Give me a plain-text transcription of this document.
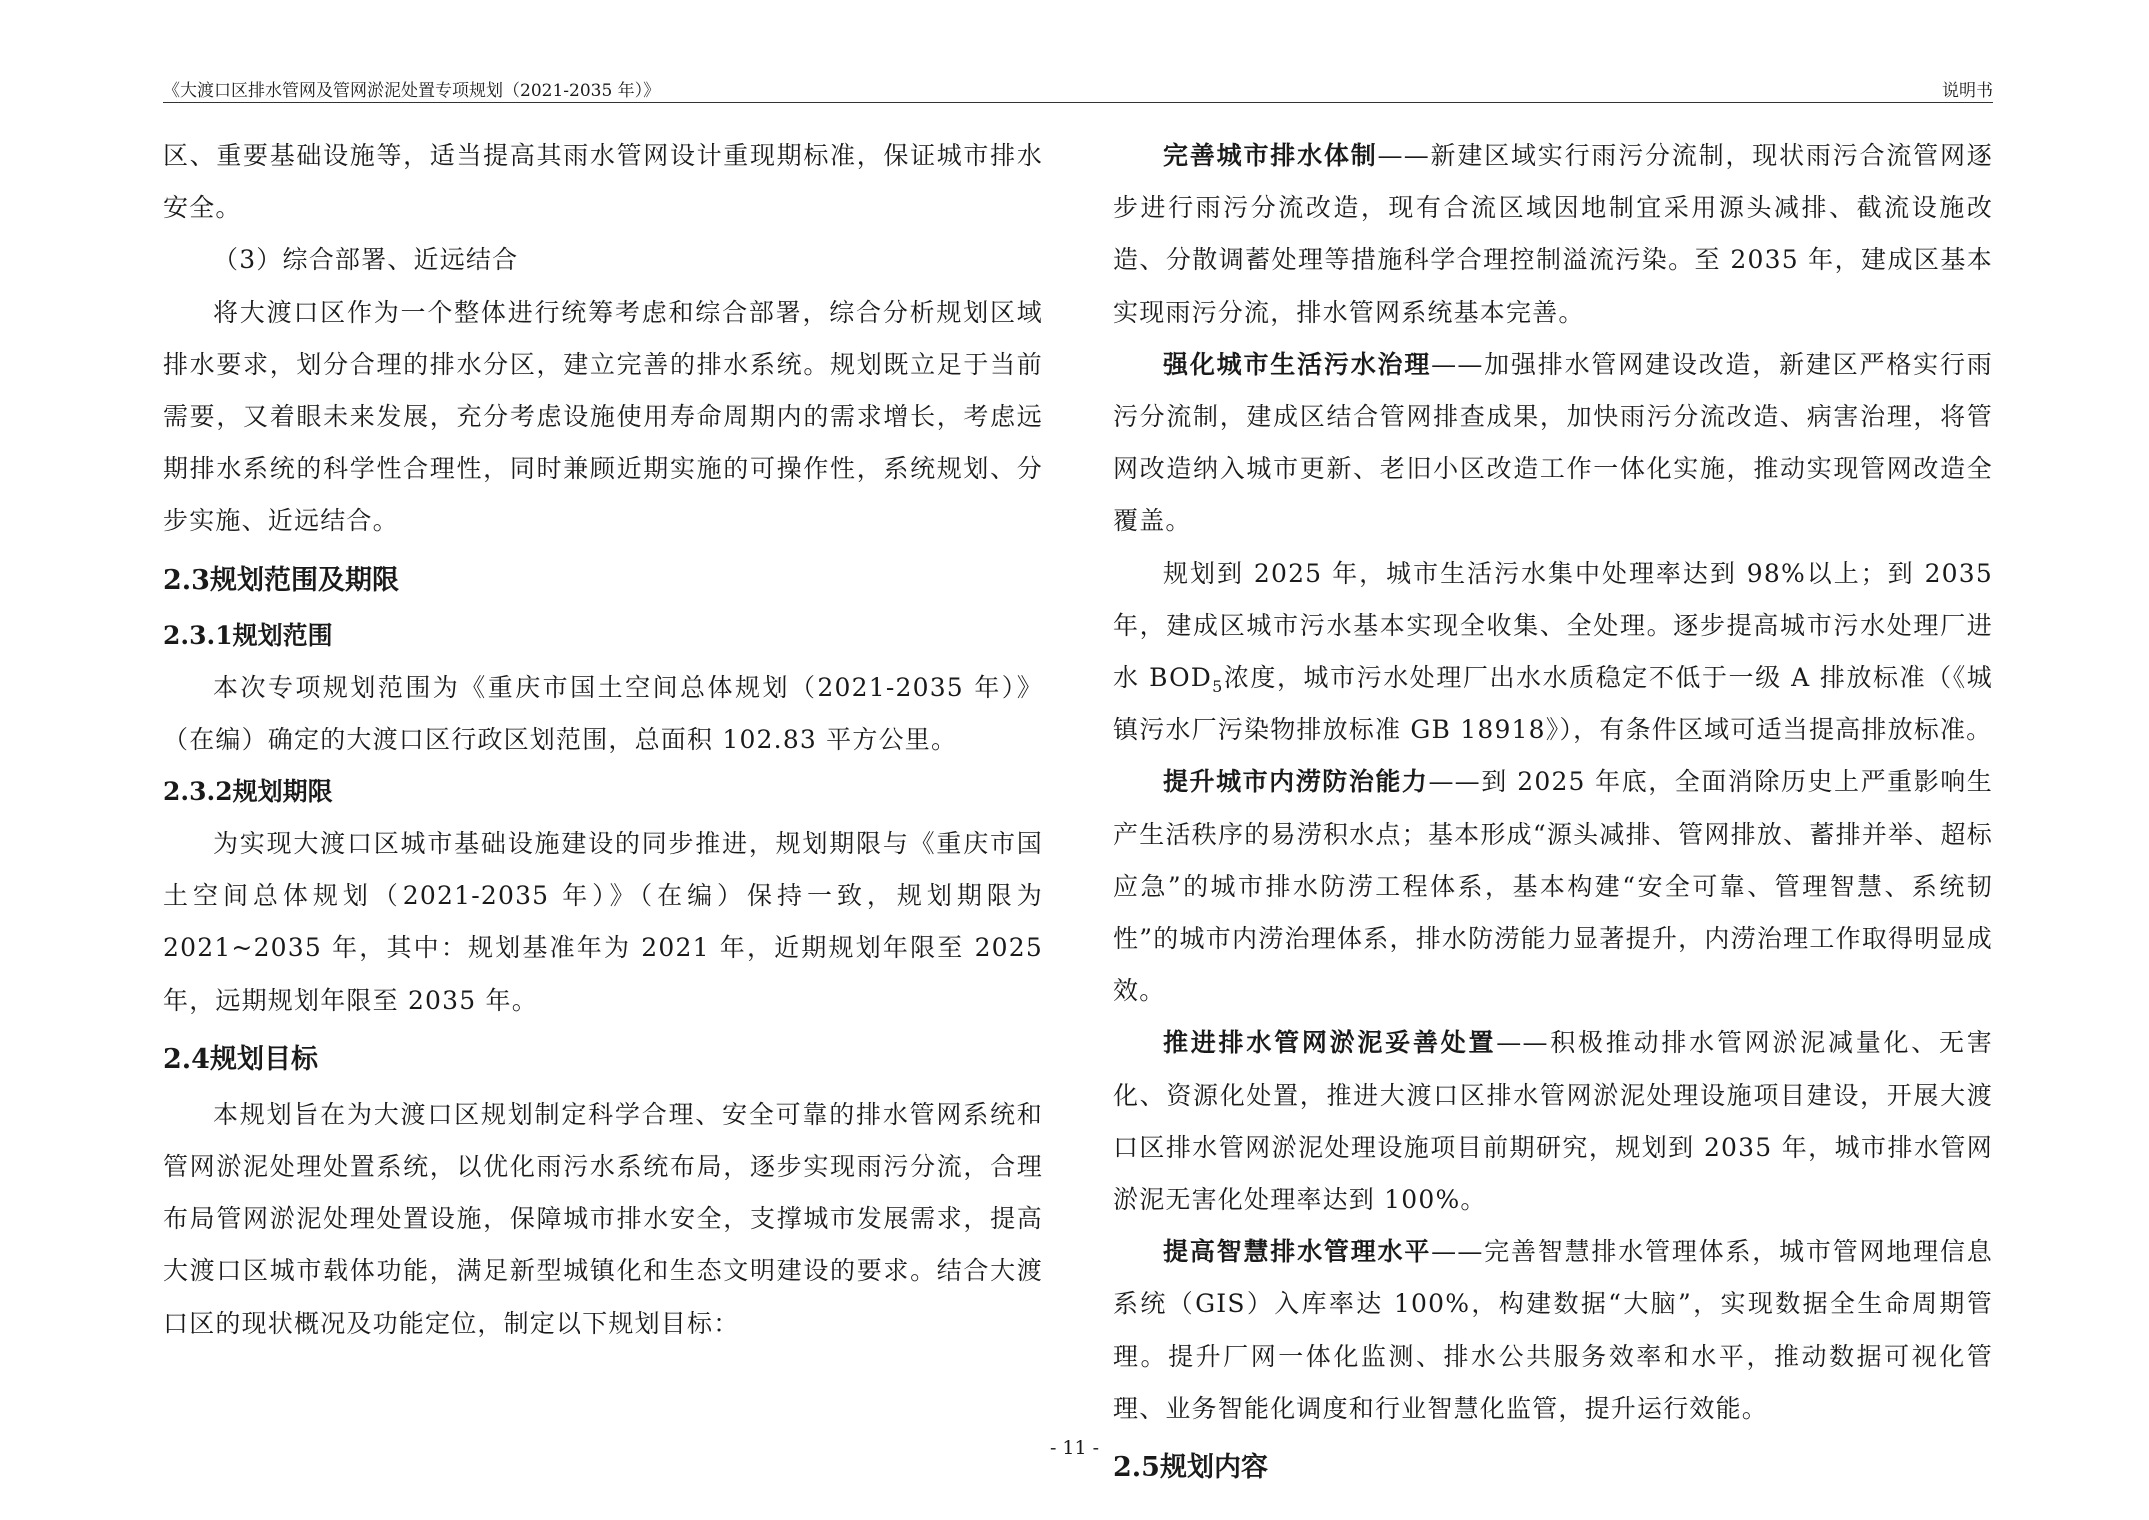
《大渡口区排水管网及管网淤泥处置专项规划（2021-2035 年）》	说明书

区、重要基础设施等，适当提高其雨水管网设计重现期标准，保证城市排水安全。

（3）综合部署、近远结合

将大渡口区作为一个整体进行统筹考虑和综合部署，综合分析规划区域排水要求，划分合理的排水分区，建立完善的排水系统。规划既立足于当前需要，又着眼未来发展，充分考虑设施使用寿命周期内的需求增长，考虑远期排水系统的科学性合理性，同时兼顾近期实施的可操作性，系统规划、分步实施、近远结合。

2.3规划范围及期限
2.3.1规划范围

本次专项规划范围为《重庆市国土空间总体规划（2021-2035 年）》（在编）确定的大渡口区行政区划范围，总面积 102.83 平方公里。

2.3.2规划期限

为实现大渡口区城市基础设施建设的同步推进，规划期限与《重庆市国土空间总体规划（2021-2035 年）》（在编）保持一致，规划期限为 2021~2035 年，其中：规划基准年为 2021 年，近期规划年限至 2025 年，远期规划年限至 2035 年。

2.4规划目标

本规划旨在为大渡口区规划制定科学合理、安全可靠的排水管网系统和管网淤泥处理处置系统，以优化雨污水系统布局，逐步实现雨污分流，合理布局管网淤泥处理处置设施，保障城市排水安全，支撑城市发展需求，提高大渡口区城市载体功能，满足新型城镇化和生态文明建设的要求。结合大渡口区的现状概况及功能定位，制定以下规划目标：

完善城市排水体制——新建区域实行雨污分流制，现状雨污合流管网逐步进行雨污分流改造，现有合流区域因地制宜采用源头减排、截流设施改造、分散调蓄处理等措施科学合理控制溢流污染。至 2035 年，建成区基本实现雨污分流，排水管网系统基本完善。

强化城市生活污水治理——加强排水管网建设改造，新建区严格实行雨污分流制，建成区结合管网排查成果，加快雨污分流改造、病害治理，将管网改造纳入城市更新、老旧小区改造工作一体化实施，推动实现管网改造全覆盖。

规划到 2025 年，城市生活污水集中处理率达到 98%以上；到 2035 年，建成区城市污水基本实现全收集、全处理。逐步提高城市污水处理厂进水 $BOD_5$浓度，城市污水处理厂出水水质稳定不低于一级 A 排放标准（《城镇污水厂污染物排放标准 GB 18918》），有条件区域可适当提高排放标准。

提升城市内涝防治能力——到 2025 年底，全面消除历史上严重影响生产生活秩序的易涝积水点；基本形成“源头减排、管网排放、蓄排并举、超标应急”的城市排水防涝工程体系，基本构建“安全可靠、管理智慧、系统韧性”的城市内涝治理体系，排水防涝能力显著提升，内涝治理工作取得明显成效。

推进排水管网淤泥妥善处置——积极推动排水管网淤泥减量化、无害化、资源化处置，推进大渡口区排水管网淤泥处理设施项目建设，开展大渡口区排水管网淤泥处理设施项目前期研究，规划到 2035 年，城市排水管网淤泥无害化处理率达到 100%。

提高智慧排水管理水平——完善智慧排水管理体系，城市管网地理信息系统（GIS）入库率达 100%，构建数据“大脑”，实现数据全生命周期管理。提升厂网一体化监测、排水公共服务效率和水平，推动数据可视化管理、业务智能化调度和行业智慧化监管，提升运行效能。

2.5规划内容
- 11 -
